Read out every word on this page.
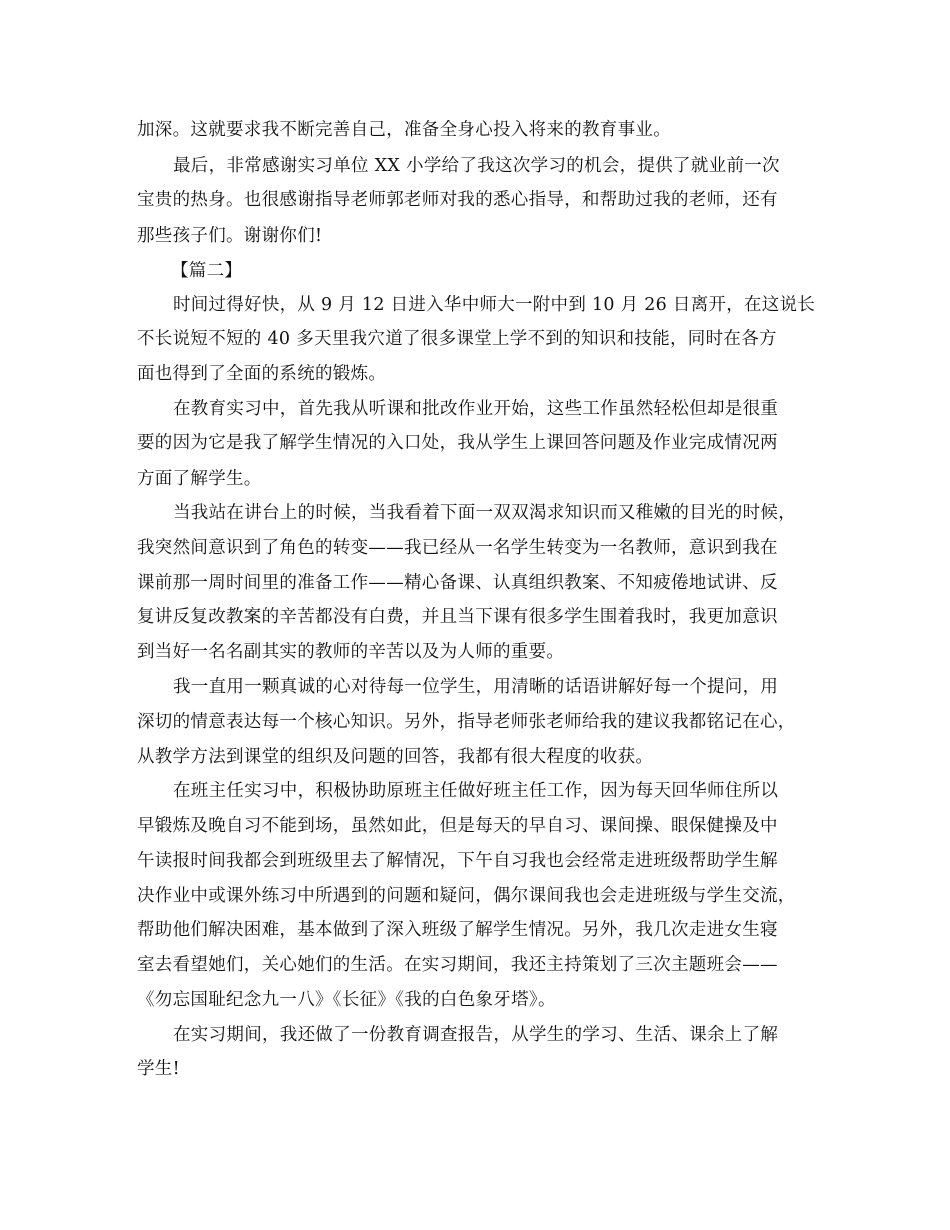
加深。这就要求我不断完善自己，准备全身心投入将来的教育事业。
最后，非常感谢实习单位 XX 小学给了我这次学习的机会，提供了就业前一次
宝贵的热身。也很感谢指导老师郭老师对我的悉心指导，和帮助过我的老师，还有
那些孩子们。谢谢你们!
【篇二】
时间过得好快，从 9 月 12 日进入华中师大一附中到 10 月 26 日离开，在这说长
不长说短不短的 40 多天里我穴道了很多课堂上学不到的知识和技能，同时在各方
面也得到了全面的系统的锻炼。
在教育实习中，首先我从听课和批改作业开始，这些工作虽然轻松但却是很重
要的因为它是我了解学生情况的入口处，我从学生上课回答问题及作业完成情况两
方面了解学生。
当我站在讲台上的时候，当我看着下面一双双渴求知识而又稚嫩的目光的时候，
我突然间意识到了角色的转变——我已经从一名学生转变为一名教师，意识到我在
课前那一周时间里的准备工作——精心备课、认真组织教案、不知疲倦地试讲、反
复讲反复改教案的辛苦都没有白费，并且当下课有很多学生围着我时，我更加意识
到当好一名名副其实的教师的辛苦以及为人师的重要。
我一直用一颗真诚的心对待每一位学生，用清晰的话语讲解好每一个提问，用
深切的情意表达每一个核心知识。另外，指导老师张老师给我的建议我都铭记在心，
从教学方法到课堂的组织及问题的回答，我都有很大程度的收获。
在班主任实习中，积极协助原班主任做好班主任工作，因为每天回华师住所以
早锻炼及晚自习不能到场，虽然如此，但是每天的早自习、课间操、眼保健操及中
午读报时间我都会到班级里去了解情况，下午自习我也会经常走进班级帮助学生解
决作业中或课外练习中所遇到的问题和疑问，偶尔课间我也会走进班级与学生交流，
帮助他们解决困难，基本做到了深入班级了解学生情况。另外，我几次走进女生寝
室去看望她们，关心她们的生活。在实习期间，我还主持策划了三次主题班会——
《勿忘国耻纪念九一八》《长征》《我的白色象牙塔》。
在实习期间，我还做了一份教育调查报告，从学生的学习、生活、课余上了解
学生!
